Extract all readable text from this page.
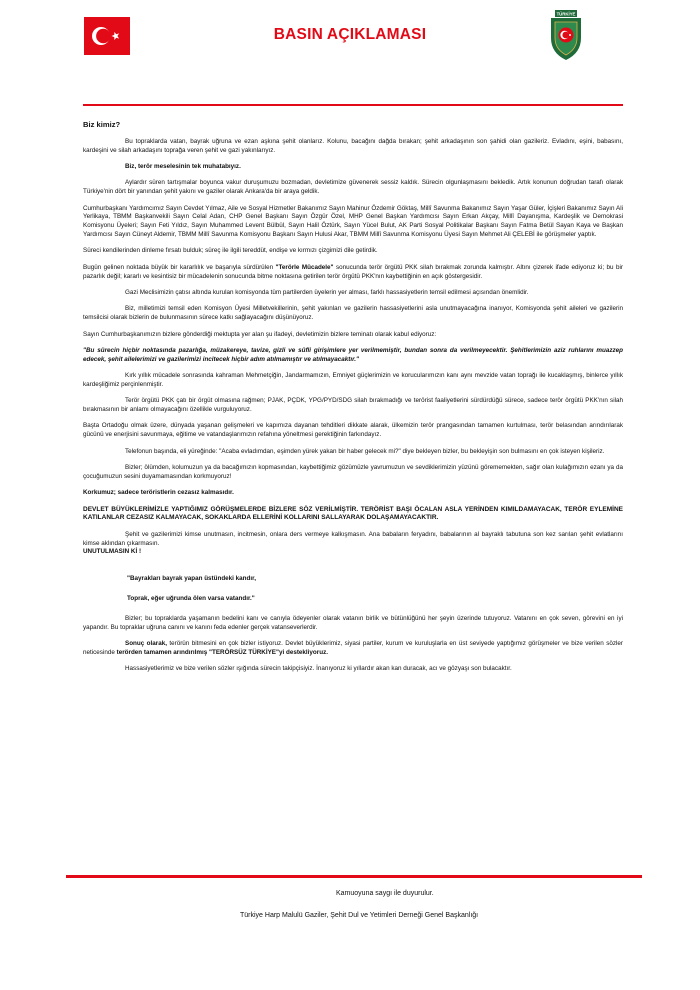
BASIN AÇIKLAMASI
TÜRKİYE

Biz kimiz?

Bu topraklarda vatan, bayrak uğruna ve ezan aşkına şehit olanlarız. Kolunu, bacağını dağda bırakan; şehit arkadaşının son şahidi olan gazileriz. Evladını, eşini, babasını, kardeşini ve silah arkadaşını toprağa veren şehit ve gazi yakınlarıyız.

Biz, terör meselesinin tek muhatabıyız.

Aylardır süren tartışmalar boyunca vakur duruşumuzu bozmadan, devletimize güvenerek sessiz kaldık. Sürecin olgunlaşmasını bekledik. Artık konunun doğrudan tarafı olarak Türkiye'nin dört bir yanından şehit yakını ve gaziler olarak Ankara'da bir araya geldik.

Cumhurbaşkanı Yardımcımız Sayın Cevdet Yılmaz, Aile ve Sosyal Hizmetler Bakanımız Sayın Mahinur Özdemir Göktaş, Millî Savunma Bakanımız Sayın Yaşar Güler, İçişleri Bakanımız Sayın Ali Yerlikaya, TBMM Başkanvekili Sayın Celal Adan, CHP Genel Başkanı Sayın Özgür Özel, MHP Genel Başkan Yardımcısı Sayın Erkan Akçay, Millî Dayanışma, Kardeşlik ve Demokrasi Komisyonu Üyeleri; Sayın Feti Yıldız, Sayın Muhammed Levent Bülbül, Sayın Halil Öztürk, Sayın Yücel Bulut, AK Parti Sosyal Politikalar Başkanı Sayın Fatma Betül Sayan Kaya ve Başkan Yardımcısı Sayın Cüneyt Aldemir, TBMM Millî Savunma Komisyonu Başkanı Sayın Hulusi Akar, TBMM Millî Savunma Komisyonu Üyesi Sayın Mehmet Ali ÇELEBİ ile görüşmeler yaptık.

Süreci kendilerinden dinleme fırsatı bulduk; süreç ile ilgili tereddüt, endişe ve kırmızı çizgimizi dile getirdik.

Bugün gelinen noktada büyük bir kararlılık ve başarıyla sürdürülen "Terörle Mücadele" sonucunda terör örgütü PKK silah bırakmak zorunda kalmıştır. Altını çizerek ifade ediyoruz ki; bu bir pazarlık değil; kararlı ve kesintisiz bir mücadelenin sonucunda bitme noktasına getirilen terör örgütü PKK'nın kaybettiğinin en açık göstergesidir.

Gazi Meclisimizin çatısı altında kurulan komisyonda tüm partilerden üyelerin yer alması, farklı hassasiyetlerin temsil edilmesi açısından önemlidir.

Biz, milletimizi temsil eden Komisyon Üyesi Milletvekillerinin, şehit yakınları ve gazilerin hassasiyetlerini asla unutmayacağına inanıyor, Komisyonda şehit aileleri ve gazilerin temsilcisi olarak bizlerin de bulunmasının sürece katkı sağlayacağını düşünüyoruz.

Sayın Cumhurbaşkanımızın bizlere gönderdiği mektupta yer alan şu ifadeyi, devletimizin bizlere teminatı olarak kabul ediyoruz:

"Bu sürecin hiçbir noktasında pazarlığa, müzakereye, tavize, gizli ve süfli girişimlere yer verilmemiştir, bundan sonra da verilmeyecektir. Şehitlerimizin aziz ruhlarını muazzep edecek, şehit ailelerimizi ve gazilerimizi incitecek hiçbir adım atılmamıştır ve atılmayacaktır."

Kırk yıllık mücadele sonrasında kahraman Mehmetçiğin, Jandarmamızın, Emniyet güçlerimizin ve korucularımızın kanı aynı mevzide vatan toprağı ile kucaklaşmış, binlerce yıllık kardeşliğimiz perçinlenmiştir.

Terör örgütü PKK çatı bir örgüt olmasına rağmen; PJAK, PÇDK, YPG/PYD/SDG silah bırakmadığı ve terörist faaliyetlerini sürdürdüğü sürece, sadece terör örgütü PKK'nın silah bırakmasının bir anlamı olmayacağını özellikle vurguluyoruz.

Başta Ortadoğu olmak üzere, dünyada yaşanan gelişmeleri ve kapımıza dayanan tehditleri dikkate alarak, ülkemizin terör prangasından tamamen kurtulması, terör belasından arındırılarak gücünü ve enerjisini savunmaya, eğitime ve vatandaşlarımızın refahına yöneltmesi gerektiğinin farkındayız.

Telefonun başında, eli yüreğinde: "Acaba evladımdan, eşimden yürek yakan bir haber gelecek mi?" diye bekleyen bizler, bu bekleyişin son bulmasını en çok isteyen kişileriz.

Bizler; ölümden, kolumuzun ya da bacağımızın kopmasından, kaybettiğimiz gözümüzle yavrumuzun ve sevdiklerimizin yüzünü görememekten, sağır olan kulağımızın ezanı ya da çocuğumuzun sesini duyamamasından korkmuyoruz!

Korkumuz; sadece teröristlerin cezasız kalmasıdır.

DEVLET BÜYÜKLERİMİZLE YAPTIĞIMIZ GÖRÜŞMELERDE BİZLERE SÖZ VERİLMİŞTİR. TERÖRİST BAŞI ÖCALAN ASLA YERİNDEN KIMILDAMAYACAK, TERÖR EYLEMİNE KATILANLAR CEZASIZ KALMAYACAK, SOKAKLARDA ELLERİNİ KOLLARINI SALLAYARAK DOLAŞAMAYACAKTIR.

Şehit ve gazilerimizi kimse unutmasın, incitmesin, onlara ders vermeye kalkışmasın. Ana babaların feryadını, babalarının al bayraklı tabutuna son kez sarılan şehit evlatlarını kimse aklından çıkarmasın.

UNUTULMASIN Kİ !

"Bayrakları bayrak yapan üstündeki kandır,

Toprak, eğer uğrunda ölen varsa vatandır."

Bizler; bu topraklarda yaşamanın bedelini kanı ve canıyla ödeyenler olarak vatanın birlik ve bütünlüğünü her şeyin üzerinde tutuyoruz. Vatanını en çok seven, görevini en iyi yapandır. Bu topraklar uğruna canını ve kanını feda edenler gerçek vatanseverlerdir.

Sonuç olarak, terörün bitmesini en çok bizler istiyoruz. Devlet büyüklerimiz, siyasi partiler, kurum ve kuruluşlarla en üst seviyede yaptığımız görüşmeler ve bize verilen sözler neticesinde terörden tamamen arındırılmış "TERÖRSÜZ TÜRKİYE"yi destekliyoruz.

Hassasiyetlerimiz ve bize verilen sözler ışığında sürecin takipçisiyiz. İnanıyoruz ki yıllardır akan kan duracak, acı ve gözyaşı son bulacaktır.

Kamuoyuna saygı ile duyurulur.
Türkiye Harp Malulü Gaziler, Şehit Dul ve Yetimleri Derneği Genel Başkanlığı
